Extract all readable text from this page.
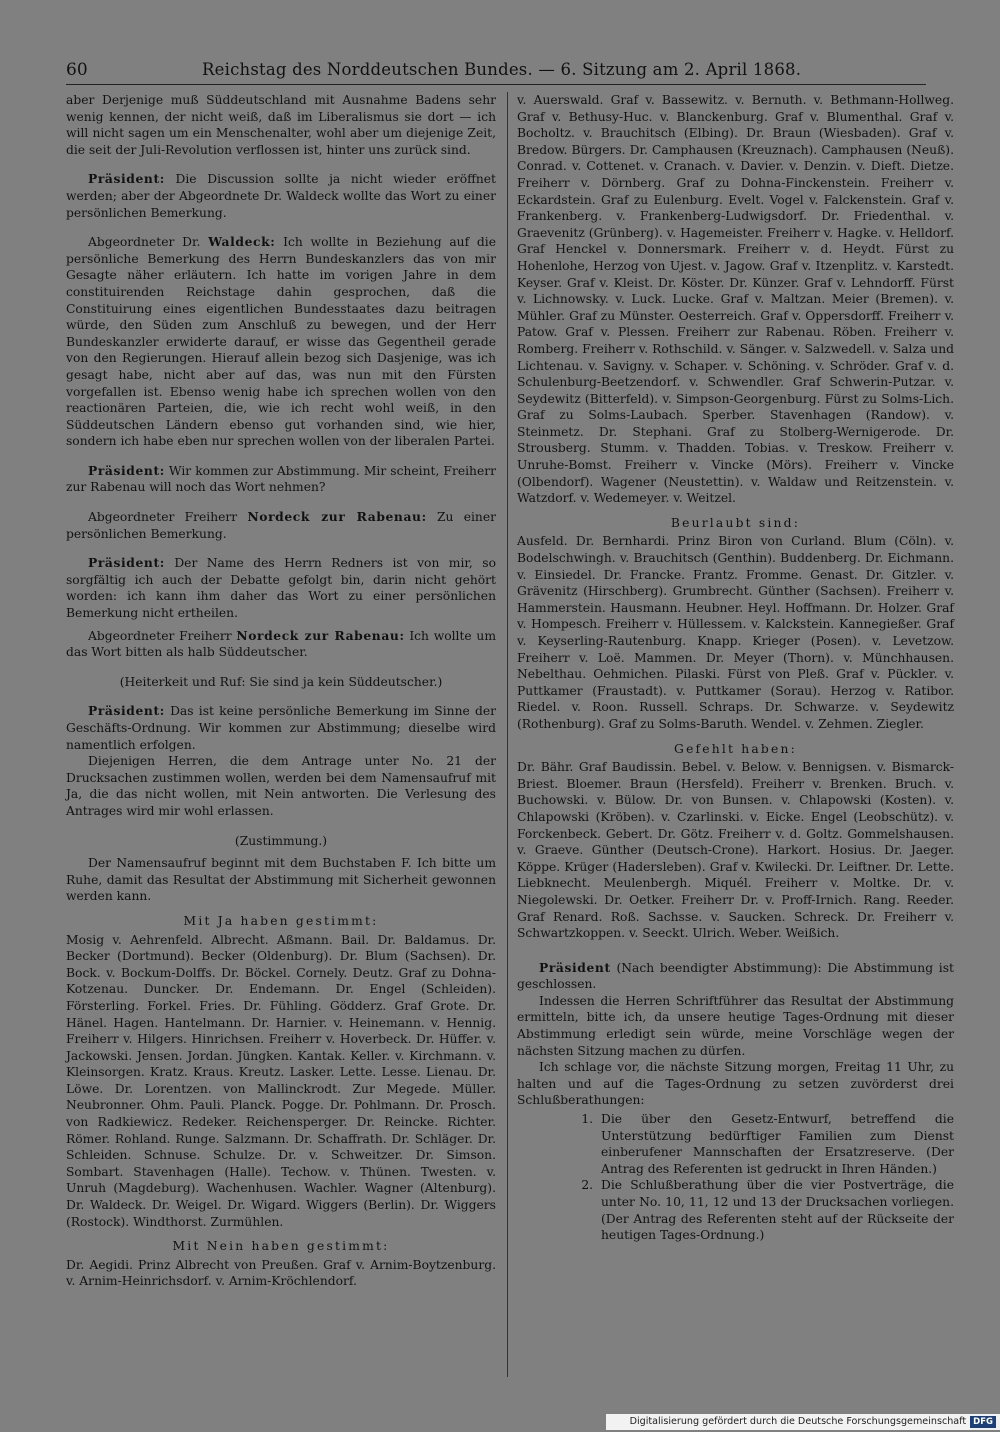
60	Reichstag des Norddeutschen Bundes. — 6. Sitzung am 2. April 1868.

aber Derjenige muß Süddeutschland mit Ausnahme Badens sehr wenig kennen, der nicht weiß, daß im Liberalismus sie dort — ich will nicht sagen um ein Menschenalter, wohl aber um diejenige Zeit, die seit der Juli-Revolution verflossen ist, hinter uns zurück sind.

Präsident: Die Discussion sollte ja nicht wieder eröffnet werden; aber der Abgeordnete Dr. Waldeck wollte das Wort zu einer persönlichen Bemerkung.

Abgeordneter Dr. Waldeck: Ich wollte in Beziehung auf die persönliche Bemerkung des Herrn Bundeskanzlers das von mir Gesagte näher erläutern. Ich hatte im vorigen Jahre in dem constituirenden Reichstage dahin gesprochen, daß die Constituirung eines eigentlichen Bundesstaates dazu beitragen würde, den Süden zum Anschluß zu bewegen, und der Herr Bundeskanzler erwiderte darauf, er wisse das Gegentheil gerade von den Regierungen. Hierauf allein bezog sich Dasjenige, was ich gesagt habe, nicht aber auf das, was nun mit den Fürsten vorgefallen ist. Ebenso wenig habe ich sprechen wollen von den reactionären Parteien, die, wie ich recht wohl weiß, in den Süddeutschen Ländern ebenso gut vorhanden sind, wie hier, sondern ich habe eben nur sprechen wollen von der liberalen Partei.

Präsident: Wir kommen zur Abstimmung. Mir scheint, Freiherr zur Rabenau will noch das Wort nehmen?

Abgeordneter Freiherr Nordeck zur Rabenau: Zu einer persönlichen Bemerkung.

Präsident: Der Name des Herrn Redners ist von mir, so sorgfältig ich auch der Debatte gefolgt bin, darin nicht gehört worden: ich kann ihm daher das Wort zu einer persönlichen Bemerkung nicht ertheilen.

Abgeordneter Freiherr Nordeck zur Rabenau: Ich wollte um das Wort bitten als halb Süddeutscher.

(Heiterkeit und Ruf: Sie sind ja kein Süddeutscher.)

Präsident: Das ist keine persönliche Bemerkung im Sinne der Geschäfts-Ordnung. Wir kommen zur Abstimmung; dieselbe wird namentlich erfolgen.

Diejenigen Herren, die dem Antrage unter No. 21 der Drucksachen zustimmen wollen, werden bei dem Namensaufruf mit Ja, die das nicht wollen, mit Nein antworten. Die Verlesung des Antrages wird mir wohl erlassen.

(Zustimmung.)

Der Namensaufruf beginnt mit dem Buchstaben F. Ich bitte um Ruhe, damit das Resultat der Abstimmung mit Sicherheit gewonnen werden kann.

Mit Ja haben gestimmt:

Mosig v. Aehrenfeld. Albrecht. Aßmann. Bail. Dr. Baldamus. Dr. Becker (Dortmund). Becker (Oldenburg). Dr. Blum (Sachsen). Dr. Bock. v. Bockum-Dolffs. Dr. Böckel. Cornely. Deutz. Graf zu Dohna-Kotzenau. Duncker. Dr. Endemann. Dr. Engel (Schleiden). Försterling. Forkel. Fries. Dr. Fühling. Gödderz. Graf Grote. Dr. Hänel. Hagen. Hantelmann. Dr. Harnier. v. Heinemann. v. Hennig. Freiherr v. Hilgers. Hinrichsen. Freiherr v. Hoverbeck. Dr. Hüffer. v. Jackowski. Jensen. Jordan. Jüngken. Kantak. Keller. v. Kirchmann. v. Kleinsorgen. Kratz. Kraus. Kreutz. Lasker. Lette. Lesse. Lienau. Dr. Löwe. Dr. Lorentzen. von Mallinckrodt. Zur Megede. Müller. Neubronner. Ohm. Pauli. Planck. Pogge. Dr. Pohlmann. Dr. Prosch. von Radkiewicz. Redeker. Reichensperger. Dr. Reincke. Richter. Römer. Rohland. Runge. Salzmann. Dr. Schaffrath. Dr. Schläger. Dr. Schleiden. Schnuse. Schulze. Dr. v. Schweitzer. Dr. Simson. Sombart. Stavenhagen (Halle). Techow. v. Thünen. Twesten. v. Unruh (Magdeburg). Wachenhusen. Wachler. Wagner (Altenburg). Dr. Waldeck. Dr. Weigel. Dr. Wigard. Wiggers (Berlin). Dr. Wiggers (Rostock). Windthorst. Zurmühlen.

Mit Nein haben gestimmt:

Dr. Aegidi. Prinz Albrecht von Preußen. Graf v. Arnim-Boytzenburg. v. Arnim-Heinrichsdorf. v. Arnim-Kröchlendorf.

v. Auerswald. Graf v. Bassewitz. v. Bernuth. v. Bethmann-Hollweg. Graf v. Bethusy-Huc. v. Blanckenburg. Graf v. Blumenthal. Graf v. Bocholtz. v. Brauchitsch (Elbing). Dr. Braun (Wiesbaden). Graf v. Bredow. Bürgers. Dr. Camphausen (Kreuznach). Camphausen (Neuß). Conrad. v. Cottenet. v. Cranach. v. Davier. v. Denzin. v. Dieft. Dietze. Freiherr v. Dörnberg. Graf zu Dohna-Finckenstein. Freiherr v. Eckardstein. Graf zu Eulenburg. Evelt. Vogel v. Falckenstein. Graf v. Frankenberg. v. Frankenberg-Ludwigsdorf. Dr. Friedenthal. v. Graevenitz (Grünberg). v. Hagemeister. Freiherr v. Hagke. v. Helldorf. Graf Henckel v. Donnersmark. Freiherr v. d. Heydt. Fürst zu Hohenlohe, Herzog von Ujest. v. Jagow. Graf v. Itzenplitz. v. Karstedt. Keyser. Graf v. Kleist. Dr. Köster. Dr. Künzer. Graf v. Lehndorff. Fürst v. Lichnowsky. v. Luck. Lucke. Graf v. Maltzan. Meier (Bremen). v. Mühler. Graf zu Münster. Oesterreich. Graf v. Oppersdorff. Freiherr v. Patow. Graf v. Plessen. Freiherr zur Rabenau. Röben. Freiherr v. Romberg. Freiherr v. Rothschild. v. Sänger. v. Salzwedell. v. Salza und Lichtenau. v. Savigny. v. Schaper. v. Schöning. v. Schröder. Graf v. d. Schulenburg-Beetzendorf. v. Schwendler. Graf Schwerin-Putzar. v. Seydewitz (Bitterfeld). v. Simpson-Georgenburg. Fürst zu Solms-Lich. Graf zu Solms-Laubach. Sperber. Stavenhagen (Randow). v. Steinmetz. Dr. Stephani. Graf zu Stolberg-Wernigerode. Dr. Strousberg. Stumm. v. Thadden. Tobias. v. Treskow. Freiherr v. Unruhe-Bomst. Freiherr v. Vincke (Mörs). Freiherr v. Vincke (Olbendorf). Wagener (Neustettin). v. Waldaw und Reitzenstein. v. Watzdorf. v. Wedemeyer. v. Weitzel.

Beurlaubt sind:

Ausfeld. Dr. Bernhardi. Prinz Biron von Curland. Blum (Cöln). v. Bodelschwingh. v. Brauchitsch (Genthin). Buddenberg. Dr. Eichmann. v. Einsiedel. Dr. Francke. Frantz. Fromme. Genast. Dr. Gitzler. v. Grävenitz (Hirschberg). Grumbrecht. Günther (Sachsen). Freiherr v. Hammerstein. Hausmann. Heubner. Heyl. Hoffmann. Dr. Holzer. Graf v. Hompesch. Freiherr v. Hüllessem. v. Kalckstein. Kannegießer. Graf v. Keyserling-Rautenburg. Knapp. Krieger (Posen). v. Levetzow. Freiherr v. Loë. Mammen. Dr. Meyer (Thorn). v. Münchhausen. Nebelthau. Oehmichen. Pilaski. Fürst von Pleß. Graf v. Pückler. v. Puttkamer (Fraustadt). v. Puttkamer (Sorau). Herzog v. Ratibor. Riedel. v. Roon. Russell. Schraps. Dr. Schwarze. v. Seydewitz (Rothenburg). Graf zu Solms-Baruth. Wendel. v. Zehmen. Ziegler.

Gefehlt haben:

Dr. Bähr. Graf Baudissin. Bebel. v. Below. v. Bennigsen. v. Bismarck-Briest. Bloemer. Braun (Hersfeld). Freiherr v. Brenken. Bruch. v. Buchowski. v. Bülow. Dr. von Bunsen. v. Chlapowski (Kosten). v. Chlapowski (Kröben). v. Czarlinski. v. Eicke. Engel (Leobschütz). v. Forckenbeck. Gebert. Dr. Götz. Freiherr v. d. Goltz. Gommelshausen. v. Graeve. Günther (Deutsch-Crone). Harkort. Hosius. Dr. Jaeger. Köppe. Krüger (Hadersleben). Graf v. Kwilecki. Dr. Leiftner. Dr. Lette. Liebknecht. Meulenbergh. Miquél. Freiherr v. Moltke. Dr. v. Niegolewski. Dr. Oetker. Freiherr Dr. v. Proff-Irnich. Rang. Reeder. Graf Renard. Roß. Sachsse. v. Saucken. Schreck. Dr. Freiherr v. Schwartzkoppen. v. Seeckt. Ulrich. Weber. Weißich.

Präsident (Nach beendigter Abstimmung): Die Abstimmung ist geschlossen.

Indessen die Herren Schriftführer das Resultat der Abstimmung ermitteln, bitte ich, da unsere heutige Tages-Ordnung mit dieser Abstimmung erledigt sein würde, meine Vorschläge wegen der nächsten Sitzung machen zu dürfen.

Ich schlage vor, die nächste Sitzung morgen, Freitag 11 Uhr, zu halten und auf die Tages-Ordnung zu setzen zuvörderst drei Schlußberathungen:

1. Die über den Gesetz-Entwurf, betreffend die Unterstützung bedürftiger Familien zum Dienst einberufener Mannschaften der Ersatzreserve. (Der Antrag des Referenten ist gedruckt in Ihren Händen.)
2. Die Schlußberathung über die vier Postverträge, die unter No. 10, 11, 12 und 13 der Drucksachen vorliegen. (Der Antrag des Referenten steht auf der Rückseite der heutigen Tages-Ordnung.)
Digitalisierung gefördert durch die Deutsche Forschungsgemeinschaft DFG
